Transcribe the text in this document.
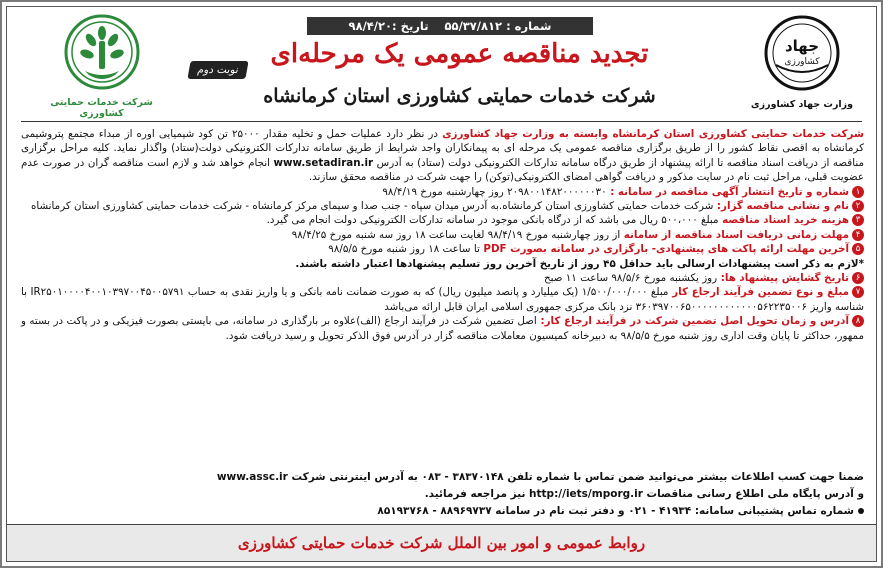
شماره : ۵۵/۳۷/۸۱۲ تاریخ :۹۸/۴/۲۰
تجدید مناقصه عمومی یک مرحله‌ای
نوبت دوم
شرکت خدمات حمایتی کشاورزی استان کرمانشاه
شرکت خدمات حمایتی کشاورزی
جهاد
کشاورزی
وزارت جهاد کشاورزی

شرکت خدمات حمایتی کشاورزی استان کرمانشاه وابسته به وزارت جهاد کشاورزی در نظر دارد عملیات حمل و تخلیه مقدار ۲۵۰۰۰ تن کود شیمیایی اوره از مبداء مجتمع پتروشیمی کرمانشاه به اقصی نقاط کشور را از طریق برگزاری مناقصه عمومی یک مرحله ای به پیمانکاران واجد شرایط از طریق سامانه تدارکات الکترونیکی دولت(ستاد) واگذار نماید. کلیه مراحل برگزاری مناقصه از دریافت اسناد مناقصه تا ارائه پیشنهاد از طریق درگاه سامانه تدارکات الکترونیکی دولت (ستاد) به آدرس www.setadiran.ir انجام خواهد شد و لازم است مناقصه گران در صورت عدم عضویت قبلی، مراحل ثبت نام در سایت مذکور و دریافت گواهی امضای الکترونیکی(توکن) را جهت شرکت در مناقصه محقق سازند.

۱شماره و تاریخ انتشار آگهی مناقصه در سامانه : ۲۰۹۸۰۰۱۴۸۲۰۰۰۰۰۰۳۰ روز چهارشنبه مورخ ۹۸/۴/۱۹

۲نام و نشانی مناقصه گزار: شرکت خدمات حمایتی کشاورزی استان کرمانشاه.به آدرس میدان سپاه - جنب صدا و سیمای مرکز کرمانشاه - شرکت خدمات حمایتی کشاورزی استان کرمانشاه

۳هزینه خرید اسناد مناقصه مبلغ ۵۰۰،۰۰۰ ریال می باشد که از درگاه بانکی موجود در سامانه تدارکات الکترونیکی دولت انجام می گیرد.

۴مهلت زمانی دریافت اسناد مناقصه از سامانه از روز چهارشنبه مورخ ۹۸/۴/۱۹ لغایت ساعت ۱۸ روز سه شنبه مورخ ۹۸/۴/۲۵

۵آخرین مهلت ارائه پاکت های پیشنهادی- بارگزاری در سامانه بصورت PDF تا ساعت ۱۸ روز شنبه مورخ ۹۸/۵/۵

*لازم به ذکر است پیشنهادات ارسالی باید حداقل ۴۵ روز از تاریخ آخرین روز تسلیم پیشنهادها اعتبار داشته باشند.

۶تاریخ گشایش پیشنهاد ها: روز یکشنبه مورخ ۹۸/۵/۶ ساعت ۱۱ صبح

۷مبلغ و نوع تضمین فرآیند ارجاع کار مبلغ ۱/۵۰۰/۰۰۰/۰۰۰ (یک میلیارد و پانصد میلیون ریال) که به صورت ضمانت نامه بانکی و یا واریز نقدی به حساب IR۲۵۰۱۰۰۰۰۴۰۰۱۰۳۹۷۰۰۴۵۰۰۵۷۹۱ با شناسه واریز ۳۶۰۳۹۷۰۰۶۵۰۰۰۰۰۰۰۰۰۰۰۰۵۶۲۲۳۵۰۰۶ نزد بانک مرکزی جمهوری اسلامی ایران قابل ارائه می‌باشد

۸آدرس و زمان تحویل اصل تضمین شرکت در فرآیند ارجاع کار: اصل تضمین شرکت در فرآیند ارجاع (الف)علاوه بر بارگذاری در سامانه، می بایستی بصورت فیزیکی و در پاکت در بسته و ممهور، حداکثر تا پایان وقت اداری روز شنبه مورخ ۹۸/۵/۵ به دبیرخانه کمیسیون معاملات مناقصه گزار در آدرس فوق الذکر تحویل و رسید دریافت شود.

ضمنا جهت کسب اطلاعات بیشتر می‌توانید ضمن تماس با شماره تلفن ۳۸۳۷۰۱۴۸ - ۰۸۳ به آدرس اینترنتی شرکت www.assc.ir

و آدرس پایگاه ملی اطلاع رسانی مناقصات http://iets/mporg.ir نیز مراجعه فرمائید.

شماره تماس پشتیبانی سامانه: ۴۱۹۳۴ - ۰۲۱ و دفتر ثبت نام در سامانه ۸۸۹۶۹۷۳۷ - ۸۵۱۹۳۷۶۸

روابط عمومی و امور بین الملل شرکت خدمات حمایتی کشاورزی
